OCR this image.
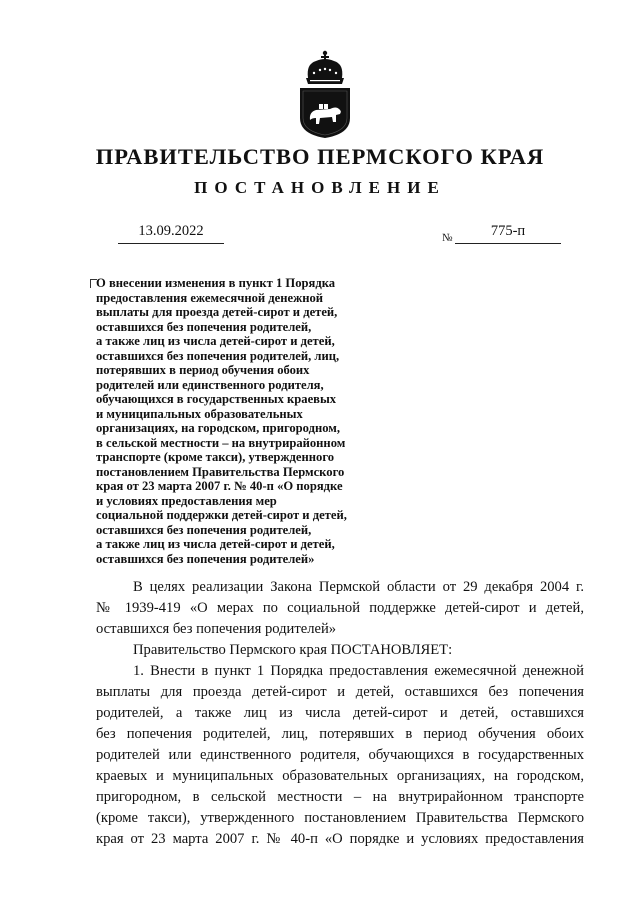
ПРАВИТЕЛЬСТВО ПЕРМСКОГО КРАЯ
ПОСТАНОВЛЕНИЕ
13.09.2022	№	775-п
О внесении изменения в пункт 1 Порядка
предоставления ежемесячной денежной
выплаты для проезда детей-сирот и детей,
оставшихся без попечения родителей,
а также лиц из числа детей-сирот и детей,
оставшихся без попечения родителей, лиц,
потерявших в период обучения обоих
родителей или единственного родителя,
обучающихся в государственных краевых
и муниципальных образовательных
организациях, на городском, пригородном,
в сельской местности – на внутрирайонном
транспорте (кроме такси), утвержденного
постановлением Правительства Пермского
края от 23 марта 2007 г. № 40-п «О порядке
и условиях предоставления мер
социальной поддержки детей-сирот и детей,
оставшихся без попечения родителей,
а также лиц из числа детей-сирот и детей,
оставшихся без попечения родителей»

В целях реализации Закона Пермской области от 29 декабря 2004 г.

№ 1939-419 «О мерах по социальной поддержке детей-сирот и детей,

оставшихся без попечения родителей»

Правительство Пермского края ПОСТАНОВЛЯЕТ:

1. Внести в пункт 1 Порядка предоставления ежемесячной денежной

выплаты для проезда детей-сирот и детей, оставшихся без попечения

родителей, а также лиц из числа детей-сирот и детей, оставшихся

без попечения родителей, лиц, потерявших в период обучения обоих

родителей или единственного родителя, обучающихся в государственных

краевых и муниципальных образовательных организациях, на городском,

пригородном, в сельской местности – на внутрирайонном транспорте

(кроме такси), утвержденного постановлением Правительства Пермского

края от 23 марта 2007 г. № 40-п «О порядке и условиях предоставления
